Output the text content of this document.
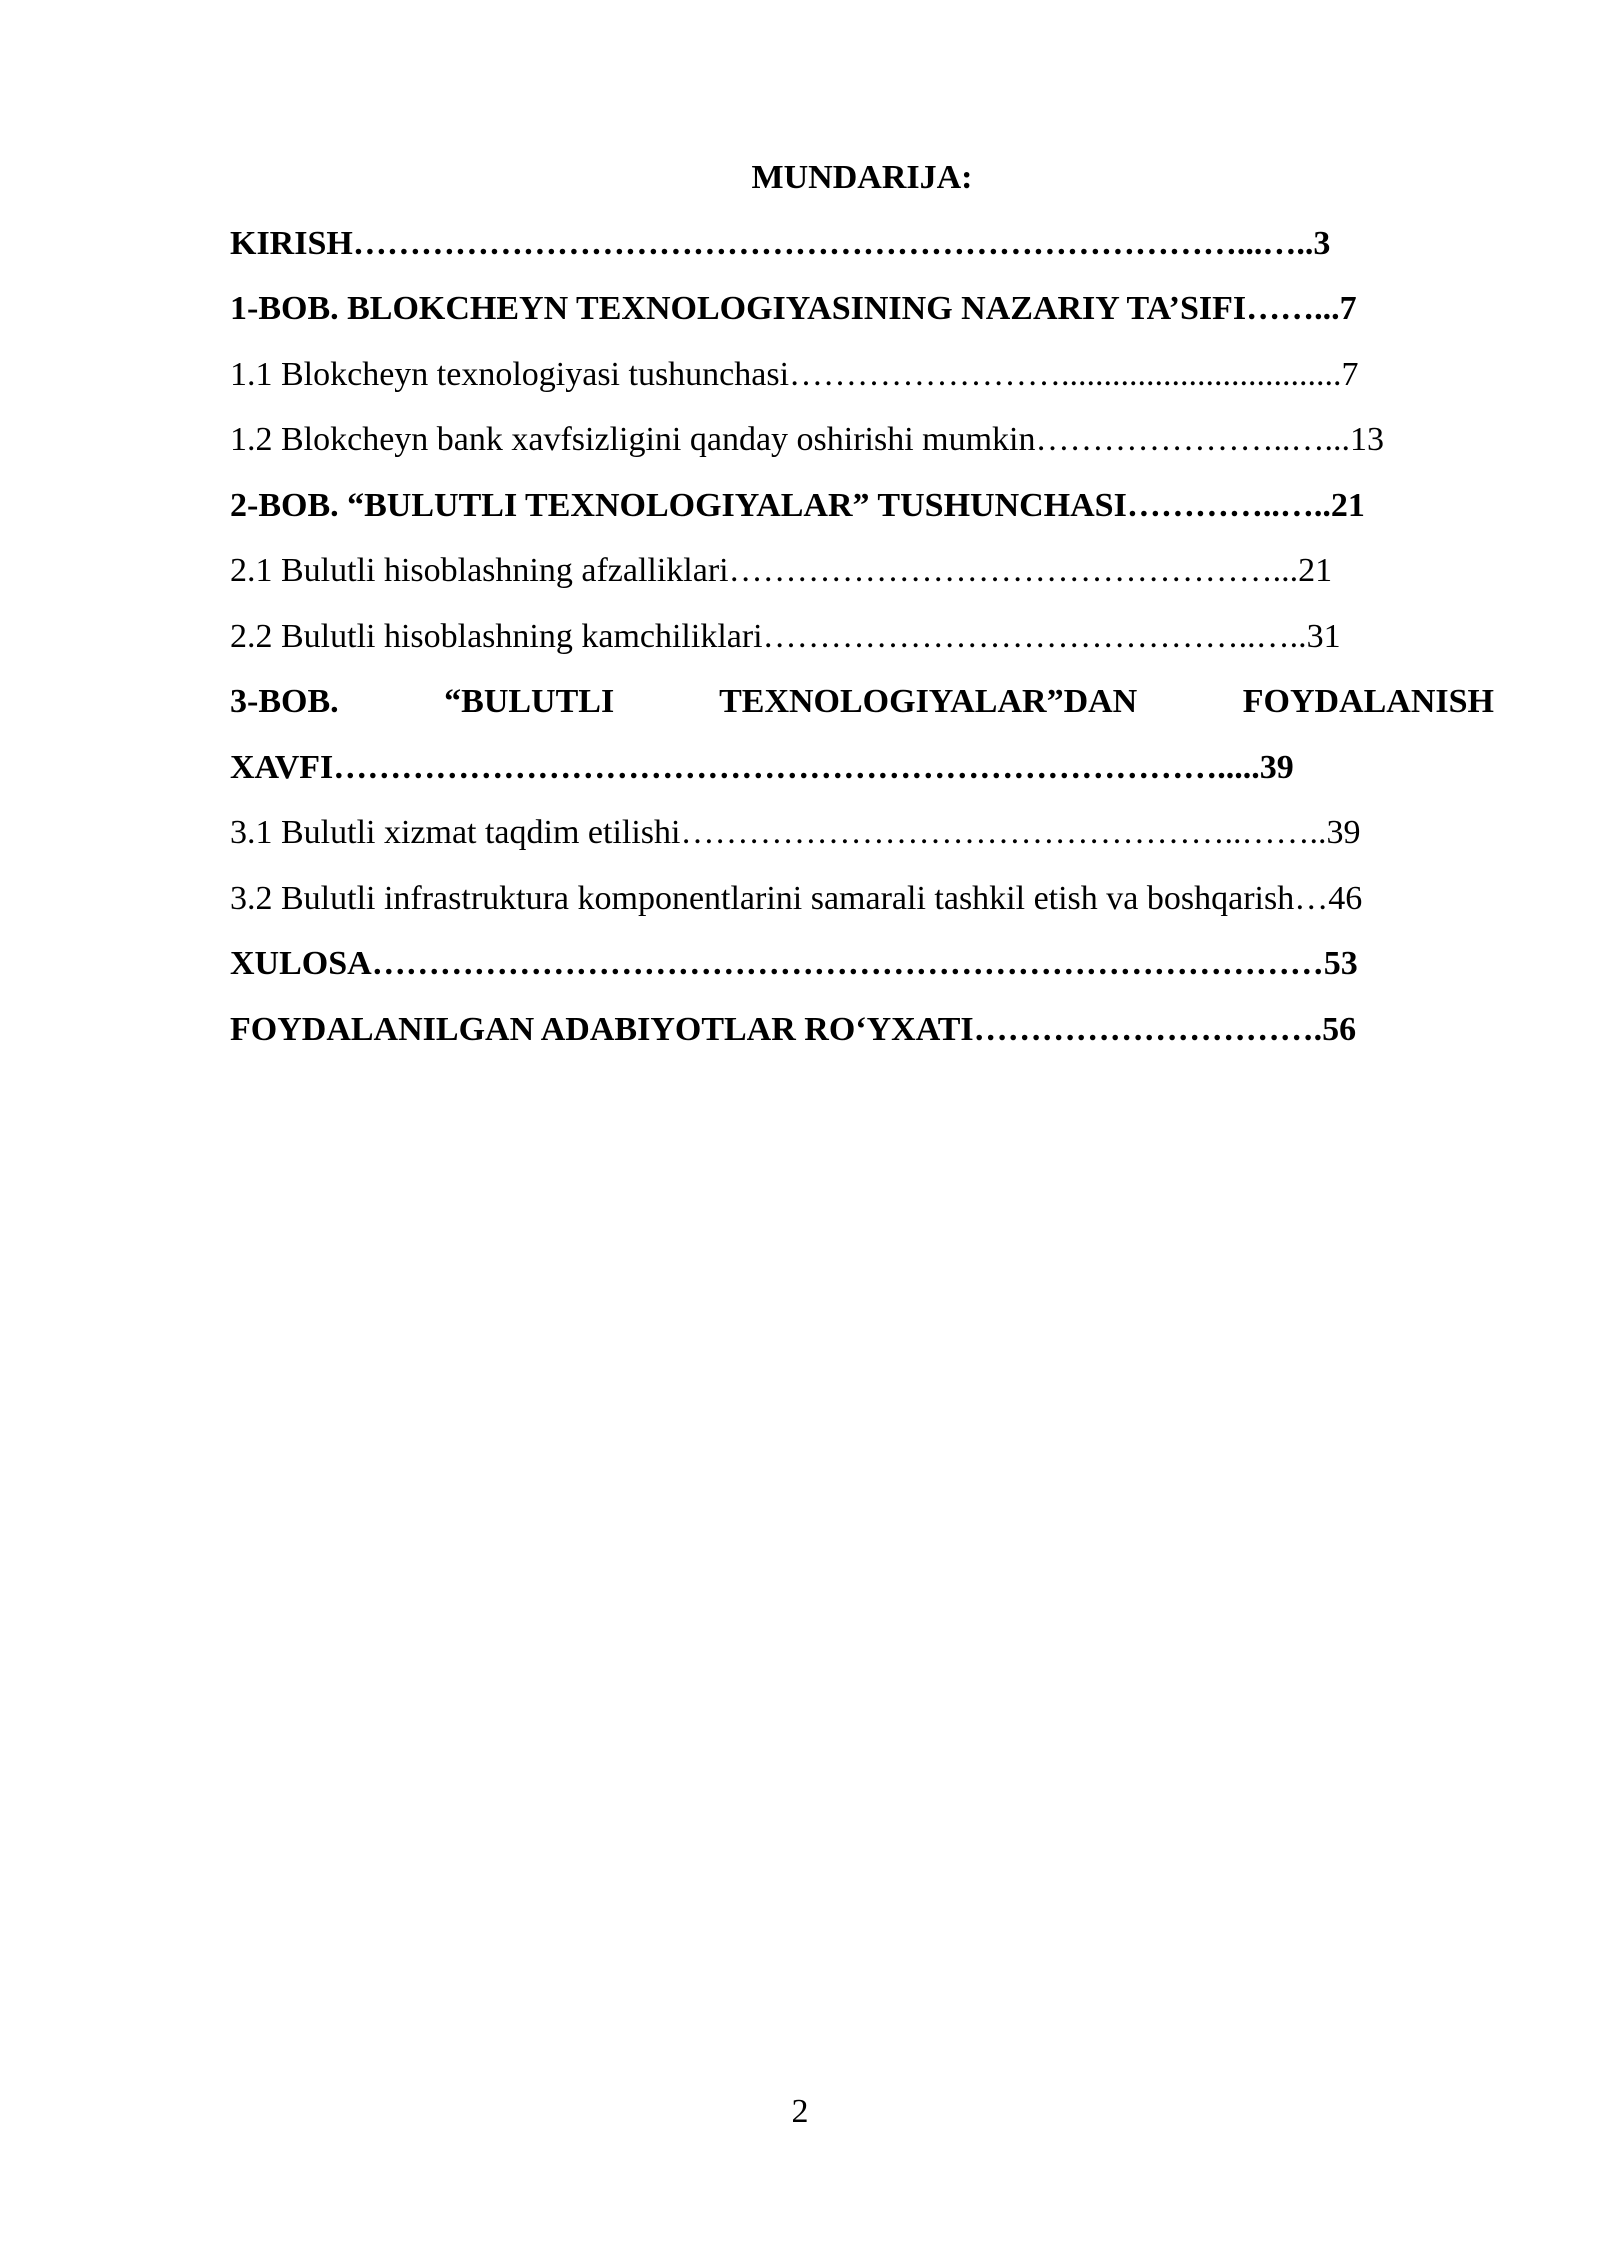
MUNDARIJA:

KIRISH……………………………………………………………………...…..3

1-BOB. BLOKCHEYN TEXNOLOGIYASINING NAZARIY TA’SIFI……...7

1.1 Blokcheyn texnologiyasi tushunchasi…………………….................................7

1.2 Blokcheyn bank xavfsizligini qanday oshirishi mumkin…………………..…...13

2-BOB. “BULUTLI TEXNOLOGIYALAR” TUSHUNCHASI…………..…..21

2.1 Bulutli hisoblashning afzalliklari…………………………………………...21

2.2 Bulutli hisoblashning kamchiliklari……………………………………..…..31

3-BOB. “BULUTLI TEXNOLOGIYALAR”DAN FOYDALANISH XAVFI…………………………………………………………………….....39

3.1 Bulutli xizmat taqdim etilishi…………………………………………..……..39

3.2 Bulutli infrastruktura komponentlarini samarali tashkil etish va boshqarish…46

XULOSA…………………………………………………………………………53

FOYDALANILGAN ADABIYOTLAR RO‘YXATI………………………….56

2
